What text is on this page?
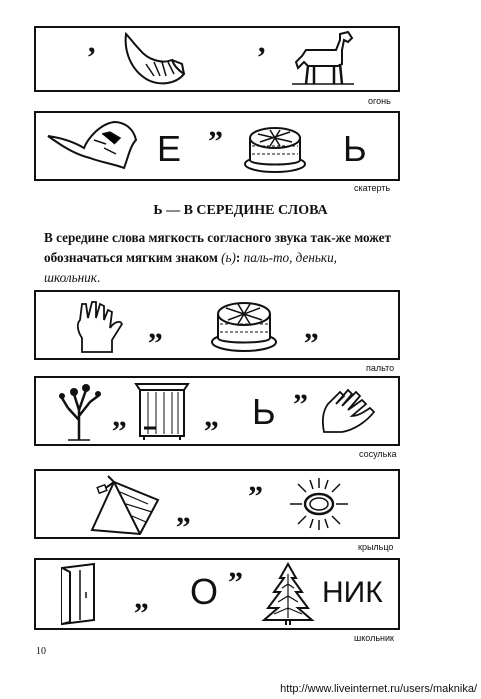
,	,
огонь
Е ”	Ь
скатерть
Ь — В СЕРЕДИНЕ СЛОВА
В середине слова мягкость согласного звука так-же может обозначаться мягким знаком (ь): паль-то, деньки, школьник.
„	„
пальто
„	„ Ь ”
сосулька
„ ”
крыльцо
„ О ”	НИК
школьник
10
http://www.liveinternet.ru/users/maknika/
